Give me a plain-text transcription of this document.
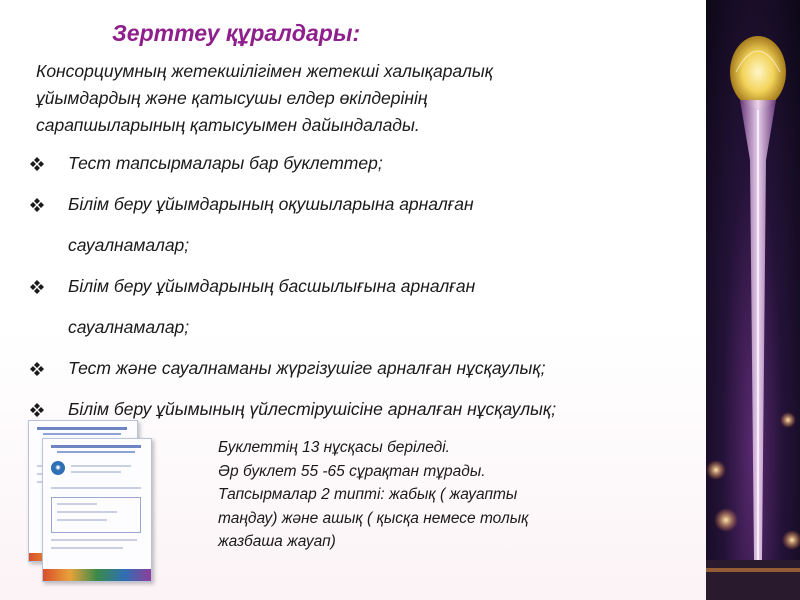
Зерттеу құралдары:
Консорциумның жетекшілігімен жетекші халықаралық
ұйымдардың және қатысушы елдер өкілдерінің
сарапшыларының қатысуымен дайындалады.
Тест тапсырмалары бар буклеттер;
Білім беру ұйымдарының оқушыларына арналған
сауалнамалар;
Білім беру ұйымдарының басшылығына арналған
сауалнамалар;
Тест және сауалнаманы жүргізушіге арналған нұсқаулық;
Білім беру ұйымының үйлестірушісіне арналған нұсқаулық;
◉
Буклеттің 13 нұсқасы беріледі.
Әр буклет 55 -65 сұрақтан тұрады.
Тапсырмалар 2 типті: жабық ( жауапты
таңдау) және ашық ( қысқа немесе толық
жазбаша жауап)
